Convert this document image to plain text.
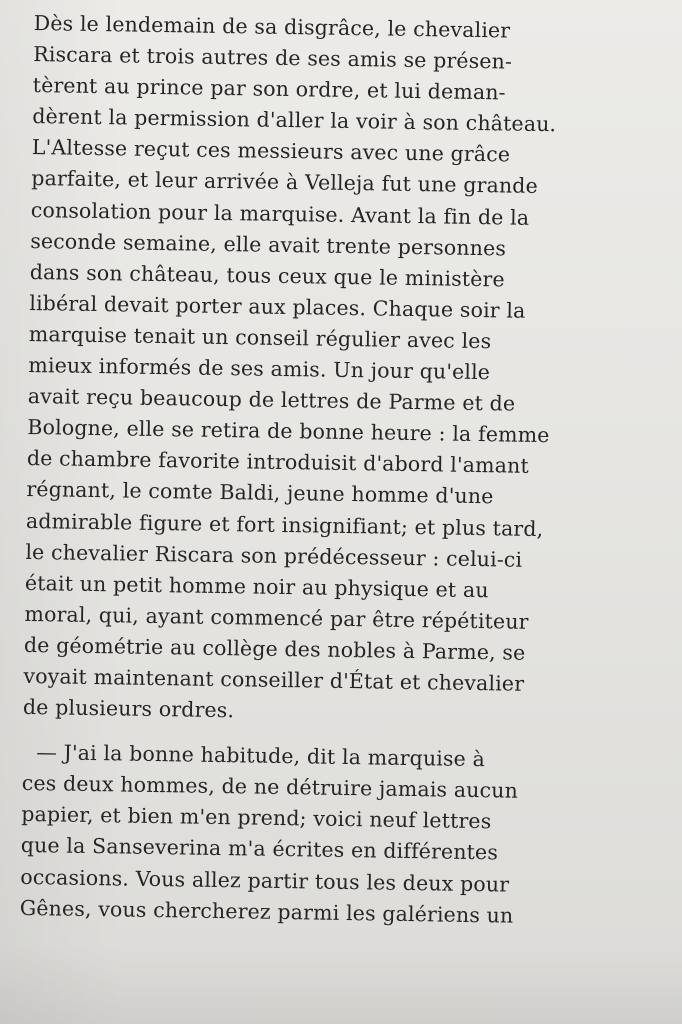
Dès le lendemain de sa disgrâce, le chevalier
Riscara et trois autres de ses amis se présen-
tèrent au prince par son ordre, et lui deman-
dèrent la permission d'aller la voir à son château.
L'Altesse reçut ces messieurs avec une grâce
parfaite, et leur arrivée à Velleja fut une grande
consolation pour la marquise. Avant la fin de la
seconde semaine, elle avait trente personnes
dans son château, tous ceux que le ministère
libéral devait porter aux places. Chaque soir la
marquise tenait un conseil régulier avec les
mieux informés de ses amis. Un jour qu'elle
avait reçu beaucoup de lettres de Parme et de
Bologne, elle se retira de bonne heure : la femme
de chambre favorite introduisit d'abord l'amant
régnant, le comte Baldi, jeune homme d'une
admirable figure et fort insignifiant; et plus tard,
le chevalier Riscara son prédécesseur : celui-ci
était un petit homme noir au physique et au
moral, qui, ayant commencé par être répétiteur
de géométrie au collège des nobles à Parme, se
voyait maintenant conseiller d'État et chevalier
de plusieurs ordres.
— J'ai la bonne habitude, dit la marquise à
ces deux hommes, de ne détruire jamais aucun
papier, et bien m'en prend; voici neuf lettres
que la Sanseverina m'a écrites en différentes
occasions. Vous allez partir tous les deux pour
Gênes, vous chercherez parmi les galériens un
